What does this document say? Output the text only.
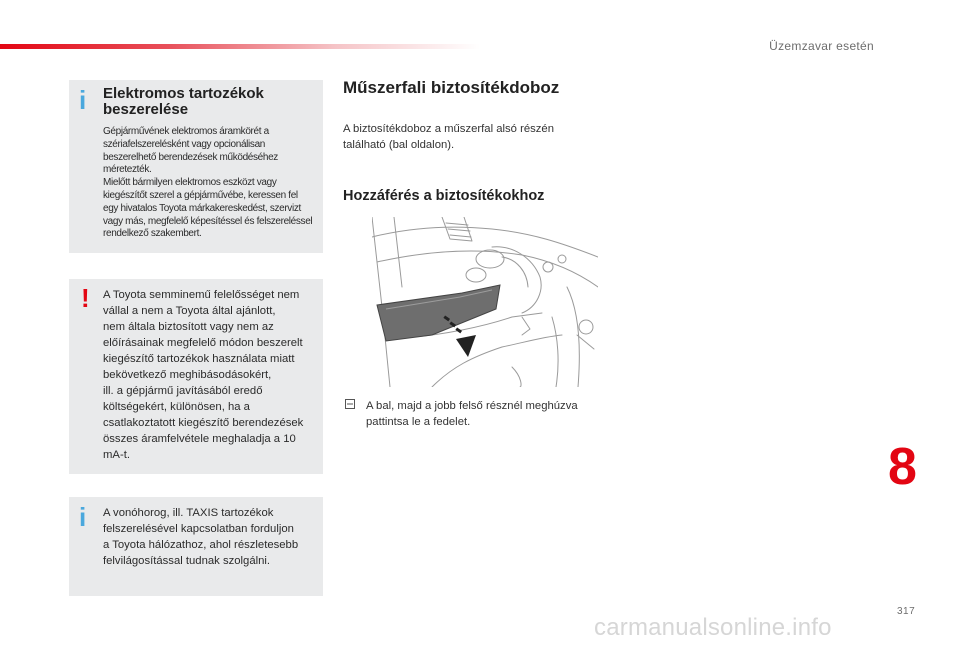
Üzemzavar esetén
i Elektromos tartozékok beszerelése
Gépjárművének elektromos áramkörét a
szériafelszerelésként vagy opcionálisan
beszerelhető berendezések működéséhez
méretezték.
Mielőtt bármilyen elektromos eszközt vagy
kiegészítőt szerel a gépjárművébe, keressen fel
egy hivatalos Toyota márkakereskedést, szervizt
vagy más, megfelelő képesítéssel és felszereléssel
rendelkező szakembert.
! A Toyota semminemű felelősséget nem
vállal a nem a Toyota által ajánlott,
nem általa biztosított vagy nem az
előírásainak megfelelő módon beszerelt
kiegészítő tartozékok használata miatt
bekövetkező meghibásodásokért,
ill. a gépjármű javításából eredő
költségekért, különösen, ha a
csatlakoztatott kiegészítő berendezések
összes áramfelvétele meghaladja a 10
mA-t.
i A vonóhorog, ill. TAXIS tartozékok
felszerelésével kapcsolatban forduljon
a Toyota hálózathoz, ahol részletesebb
felvilágosítással tudnak szolgálni.
Műszerfali biztosítékdoboz
A biztosítékdoboz a műszerfal alsó részén
található (bal oldalon).
Hozzáférés a biztosítékokhoz
A bal, majd a jobb felső résznél meghúzva
pattintsa le a fedelet.
8
317
carmanualsonline.info
